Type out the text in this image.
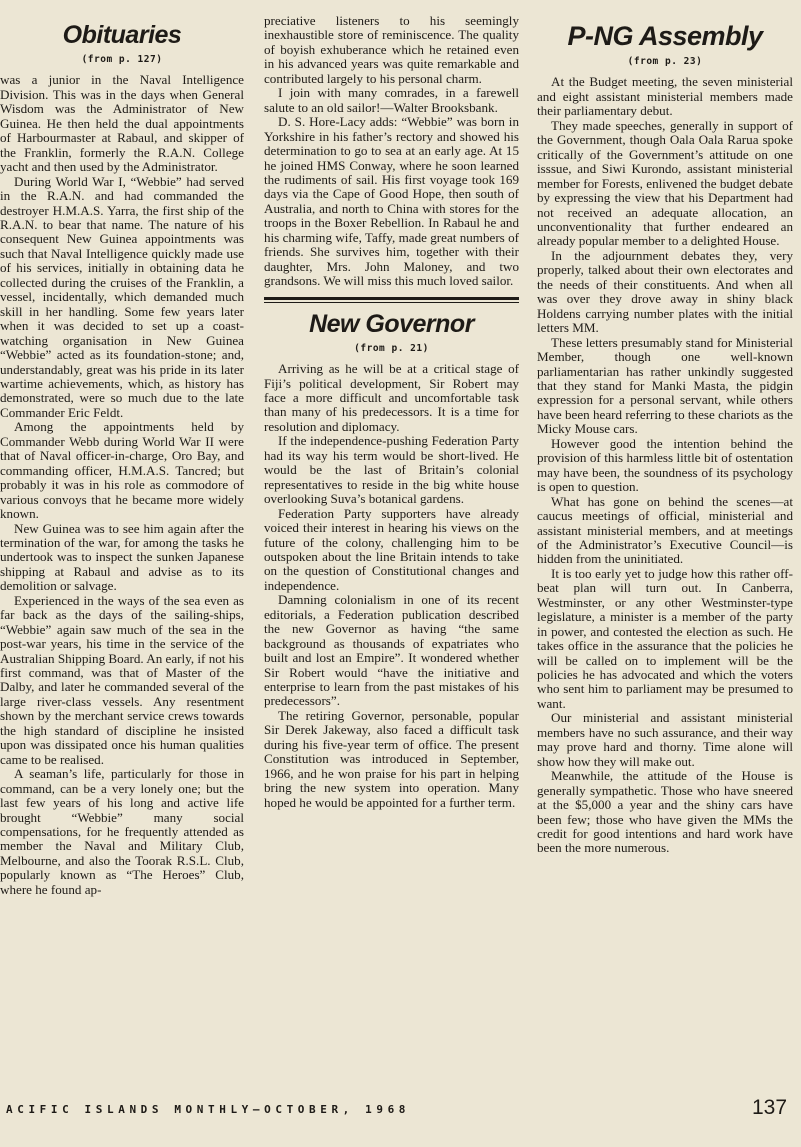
Obituaries
(from p. 127)

was a junior in the Naval Intelligence Division. This was in the days when General Wisdom was the Administrator of New Guinea. He then held the dual appointments of Harbourmaster at Rabaul, and skipper of the Franklin, formerly the R.A.N. College yacht and then used by the Administrator.

During World War I, “Webbie” had served in the R.A.N. and had commanded the destroyer H.M.A.S. Yarra, the first ship of the R.A.N. to bear that name. The nature of his consequent New Guinea appointments was such that Naval Intelligence quickly made use of his services, initially in obtaining data he collected during the cruises of the Franklin, a vessel, incidentally, which demanded much skill in her handling. Some few years later when it was decided to set up a coast-watching organisation in New Guinea “Webbie” acted as its foundation-stone; and, understandably, great was his pride in its later wartime achievements, which, as history has demonstrated, were so much due to the late Commander Eric Feldt.

Among the appointments held by Commander Webb during World War II were that of Naval officer-in-charge, Oro Bay, and commanding officer, H.M.A.S. Tancred; but probably it was in his role as commodore of various convoys that he became more widely known.

New Guinea was to see him again after the termination of the war, for among the tasks he undertook was to inspect the sunken Japanese shipping at Rabaul and advise as to its demolition or salvage.

Experienced in the ways of the sea even as far back as the days of the sailing-ships, “Webbie” again saw much of the sea in the post-war years, his time in the service of the Australian Shipping Board. An early, if not his first command, was that of Master of the Dalby, and later he commanded several of the large river-class vessels. Any resentment shown by the merchant service crews towards the high standard of discipline he insisted upon was dissipated once his human qualities came to be realised.

A seaman’s life, particularly for those in command, can be a very lonely one; but the last few years of his long and active life brought “Webbie” many social compensations, for he frequently attended as member the Naval and Military Club, Melbourne, and also the Toorak R.S.L. Club, popularly known as “The Heroes” Club, where he found ap-

preciative listeners to his seemingly inexhaustible store of reminiscence. The quality of boyish exhuberance which he retained even in his advanced years was quite remarkable and contributed largely to his personal charm.

I join with many comrades, in a farewell salute to an old sailor!—Walter Brooksbank.

D. S. Hore-Lacy adds: “Webbie” was born in Yorkshire in his father’s rectory and showed his determination to go to sea at an early age. At 15 he joined HMS Conway, where he soon learned the rudiments of sail. His first voyage took 169 days via the Cape of Good Hope, then south of Australia, and north to China with stores for the troops in the Boxer Rebellion. In Rabaul he and his charming wife, Taffy, made great numbers of friends. She survives him, together with their daughter, Mrs. John Maloney, and two grandsons. We will miss this much loved sailor.

New Governor
(from p. 21)

Arriving as he will be at a critical stage of Fiji’s political development, Sir Robert may face a more difficult and uncomfortable task than many of his predecessors. It is a time for resolution and diplomacy.

If the independence-pushing Federation Party had its way his term would be short-lived. He would be the last of Britain’s colonial representatives to reside in the big white house overlooking Suva’s botanical gardens.

Federation Party supporters have already voiced their interest in hearing his views on the future of the colony, challenging him to be outspoken about the line Britain intends to take on the question of Constitutional changes and independence.

Damning colonialism in one of its recent editorials, a Federation publication described the new Governor as having “the same background as thousands of expatriates who built and lost an Empire”. It wondered whether Sir Robert would “have the initiative and enterprise to learn from the past mistakes of his predecessors”.

The retiring Governor, personable, popular Sir Derek Jakeway, also faced a difficult task during his five-year term of office. The present Constitution was introduced in September, 1966, and he won praise for his part in helping bring the new system into operation. Many hoped he would be appointed for a further term.

P-NG Assembly
(from p. 23)

At the Budget meeting, the seven ministerial and eight assistant ministerial members made their parliamentary debut.

They made speeches, generally in support of the Government, though Oala Oala Rarua spoke critically of the Government’s attitude on one isssue, and Siwi Kurondo, assistant ministerial member for Forests, enlivened the budget debate by expressing the view that his Department had not received an adequate allocation, an unconventionality that further endeared an already popular member to a delighted House.

In the adjournment debates they, very properly, talked about their own electorates and the needs of their constituents. And when all was over they drove away in shiny black Holdens carrying number plates with the initial letters MM.

These letters presumably stand for Ministerial Member, though one well-known parliamentarian has rather unkindly suggested that they stand for Manki Masta, the pidgin expression for a personal servant, while others have been heard referring to these chariots as the Micky Mouse cars.

However good the intention behind the provision of this harmless little bit of ostentation may have been, the soundness of its psychology is open to question.

What has gone on behind the scenes—at caucus meetings of official, ministerial and assistant ministerial members, and at meetings of the Administrator’s Executive Council—is hidden from the uninitiated.

It is too early yet to judge how this rather off-beat plan will turn out. In Canberra, Westminster, or any other Westminster-type legislature, a minister is a member of the party in power, and contested the election as such. He takes office in the assurance that the policies he will be called on to implement will be the policies he has advocated and which the voters who sent him to parliament may be presumed to want.

Our ministerial and assistant ministerial members have no such assurance, and their way may prove hard and thorny. Time alone will show how they will make out.

Meanwhile, the attitude of the House is generally sympathetic. Those who have sneered at the $5,000 a year and the shiny cars have been few; those who have given the MMs the credit for good intentions and hard work have been the more numerous.

ACIFIC ISLANDS MONTHLY—OCTOBER, 1968	137
